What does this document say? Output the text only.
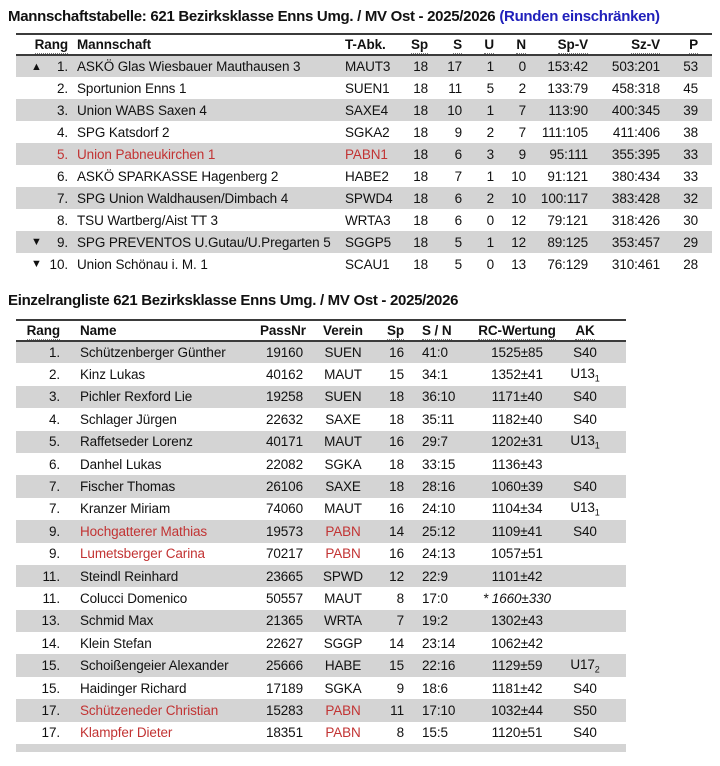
Mannschaftstabelle: 621 Bezirksklasse Enns Umg. / MV Ost - 2025/2026 (Runden einschränken)
Rang		Mannschaft	T-Abk.	Sp	S	U	N	Sp-V	Sz-V	P
▲	1.	ASKÖ Glas Wiesbauer Mauthausen 3	MAUT3	18	17	1	0	153:42	503:201	53
	2.	Sportunion Enns 1	SUEN1	18	11	5	2	133:79	458:318	45
	3.	Union WABS Saxen 4	SAXE4	18	10	1	7	113:90	400:345	39
	4.	SPG Katsdorf 2	SGKA2	18	9	2	7	111:105	411:406	38
	5.	Union Pabneukirchen 1	PABN1	18	6	3	9	95:111	355:395	33
	6.	ASKÖ SPARKASSE Hagenberg 2	HABE2	18	7	1	10	91:121	380:434	33
	7.	SPG Union Waldhausen/Dimbach 4	SPWD4	18	6	2	10	100:117	383:428	32
	8.	TSU Wartberg/Aist TT 3	WRTA3	18	6	0	12	79:121	318:426	30
▼	9.	SPG PREVENTOS U.Gutau/U.Pregarten 5	SGGP5	18	5	1	12	89:125	353:457	29
▼	10.	Union Schönau i. M. 1	SCAU1	18	5	0	13	76:129	310:461	28
Einzelrangliste 621 Bezirksklasse Enns Umg. / MV Ost - 2025/2026
Rang	Name	PassNr	Verein	Sp	S / N	RC-Wertung	AK	
1.	Schützenberger Günther	19160	SUEN	16	41:0	1525±85	S40	
2.	Kinz Lukas	40162	MAUT	15	34:1	1352±41	$U13_1$	
3.	Pichler Rexford Lie	19258	SUEN	18	36:10	1171±40	S40	
4.	Schlager Jürgen	22632	SAXE	18	35:11	1182±40	S40	
5.	Raffetseder Lorenz	40171	MAUT	16	29:7	1202±31	$U13_1$	
6.	Danhel Lukas	22082	SGKA	18	33:15	1136±43		
7.	Fischer Thomas	26106	SAXE	18	28:16	1060±39	S40	
7.	Kranzer Miriam	74060	MAUT	16	24:10	1104±34	$U13_1$	
9.	Hochgatterer Mathias	19573	PABN	14	25:12	1109±41	S40	
9.	Lumetsberger Carina	70217	PABN	16	24:13	1057±51		
11.	Steindl Reinhard	23665	SPWD	12	22:9	1101±42		
11.	Colucci Domenico	50557	MAUT	8	17:0	* 1660±330		
13.	Schmid Max	21365	WRTA	7	19:2	1302±43		
14.	Klein Stefan	22627	SGGP	14	23:14	1062±42		
15.	Schoißengeier Alexander	25666	HABE	15	22:16	1129±59	$U17_2$	
15.	Haidinger Richard	17189	SGKA	9	18:6	1181±42	S40	
17.	Schützeneder Christian	15283	PABN	11	17:10	1032±44	S50	
17.	Klampfer Dieter	18351	PABN	8	15:5	1120±51	S40	
